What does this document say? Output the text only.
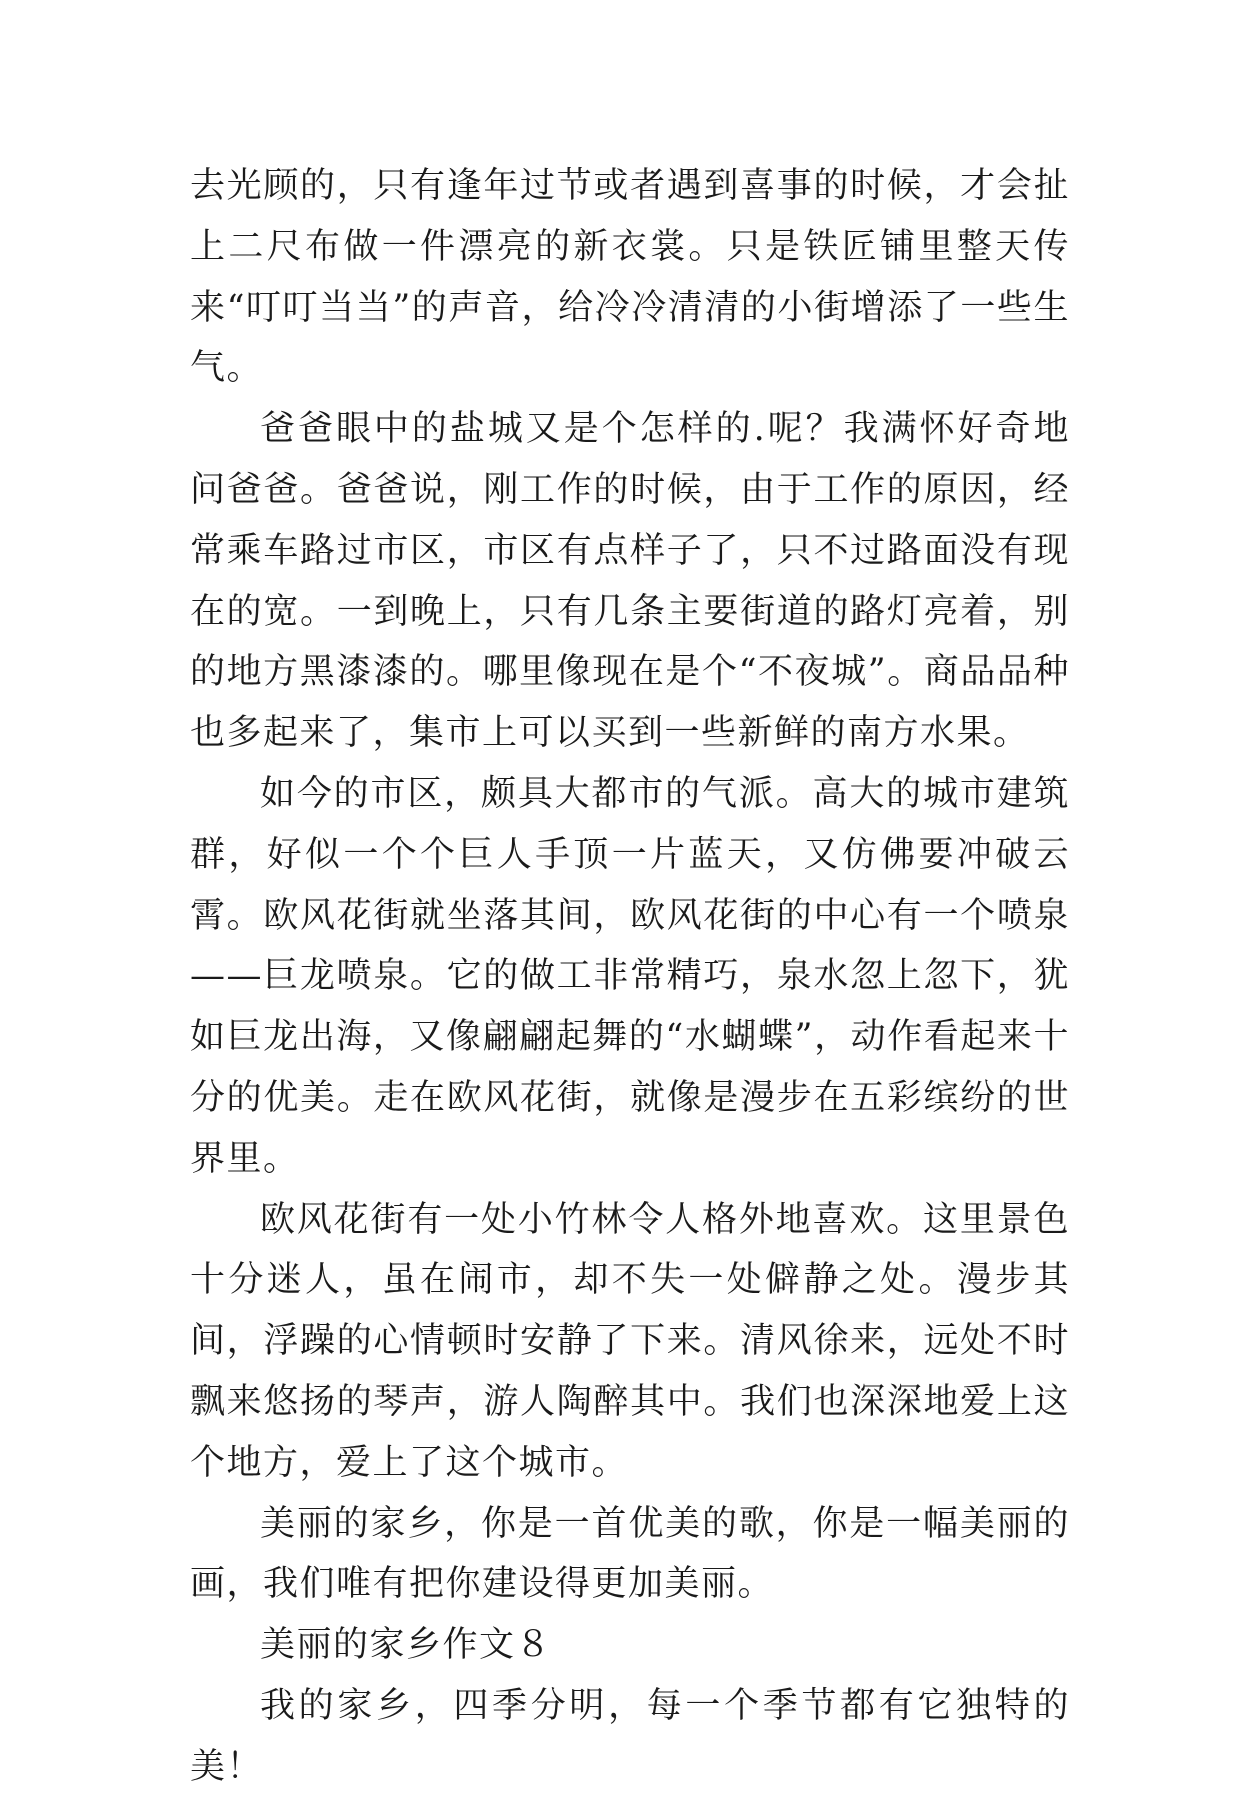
去光顾的，只有逢年过节或者遇到喜事的时候，才会扯上二尺布做一件漂亮的新衣裳。只是铁匠铺里整天传来“叮叮当当”的声音，给冷冷清清的小街增添了一些生气。

爸爸眼中的盐城又是个怎样的.呢？我满怀好奇地问爸爸。爸爸说，刚工作的时候，由于工作的原因，经常乘车路过市区，市区有点样子了，只不过路面没有现在的宽。一到晚上，只有几条主要街道的路灯亮着，别的地方黑漆漆的。哪里像现在是个“不夜城”。商品品种也多起来了，集市上可以买到一些新鲜的南方水果。

如今的市区，颇具大都市的气派。高大的城市建筑群，好似一个个巨人手顶一片蓝天，又仿佛要冲破云霄。欧风花街就坐落其间，欧风花街的中心有一个喷泉——巨龙喷泉。它的做工非常精巧，泉水忽上忽下，犹如巨龙出海，又像翩翩起舞的“水蝴蝶”，动作看起来十分的优美。走在欧风花街，就像是漫步在五彩缤纷的世界里。

欧风花街有一处小竹林令人格外地喜欢。这里景色十分迷人，虽在闹市，却不失一处僻静之处。漫步其间，浮躁的心情顿时安静了下来。清风徐来，远处不时飘来悠扬的琴声，游人陶醉其中。我们也深深地爱上这个地方，爱上了这个城市。

美丽的家乡，你是一首优美的歌，你是一幅美丽的画，我们唯有把你建设得更加美丽。

美丽的家乡作文８

我的家乡，四季分明，每一个季节都有它独特的美！
